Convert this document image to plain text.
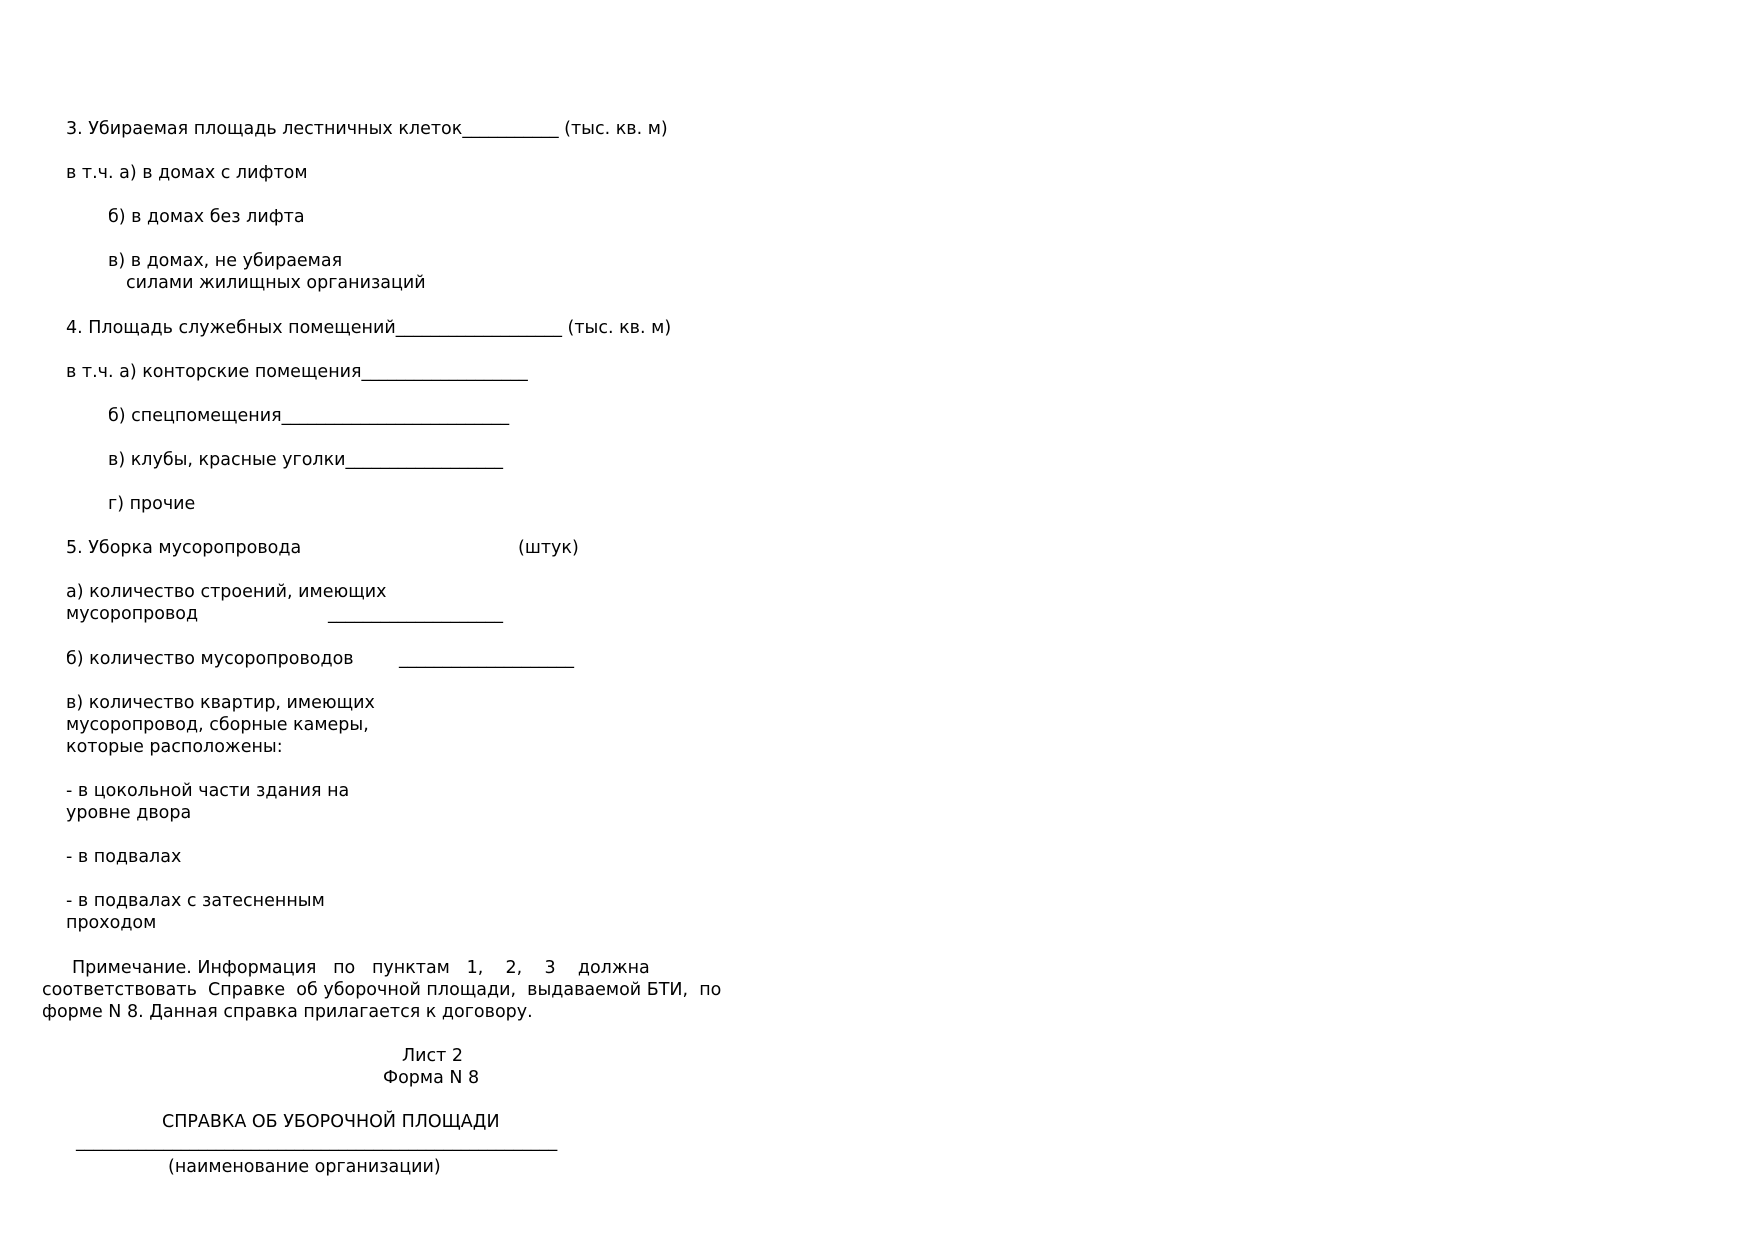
3. Убираемая площадь лестничных клеток___________ (тыс. кв. м)

в т.ч. а) в домах с лифтом

б) в домах без лифта

в) в домах, не убираемая

силами жилищных организаций

4. Площадь служебных помещений___________________ (тыс. кв. м)

в т.ч. а) конторские помещения___________________

б) спецпомещения__________________________

в) клубы, красные уголки__________________

г) прочие

5. Уборка мусоропровода	(штук)

а) количество строений, имеющих

мусоропровод	____________________

б) количество мусоропроводов	____________________

в) количество квартир, имеющих

мусоропровод, сборные камеры,

которые расположены:

- в цокольной части здания на

уровне двора

- в подвалах

- в подвалах с затесненным

проходом

Примечание. Информация   по   пунктам   1,    2,    3    должна

соответствовать  Справке  об уборочной площади,  выдаваемой БТИ,  по

форме N 8. Данная справка прилагается к договору.

Лист 2

Форма N 8

СПРАВКА ОБ УБОРОЧНОЙ ПЛОЩАДИ

_______________________________________________________

(наименование организации)
